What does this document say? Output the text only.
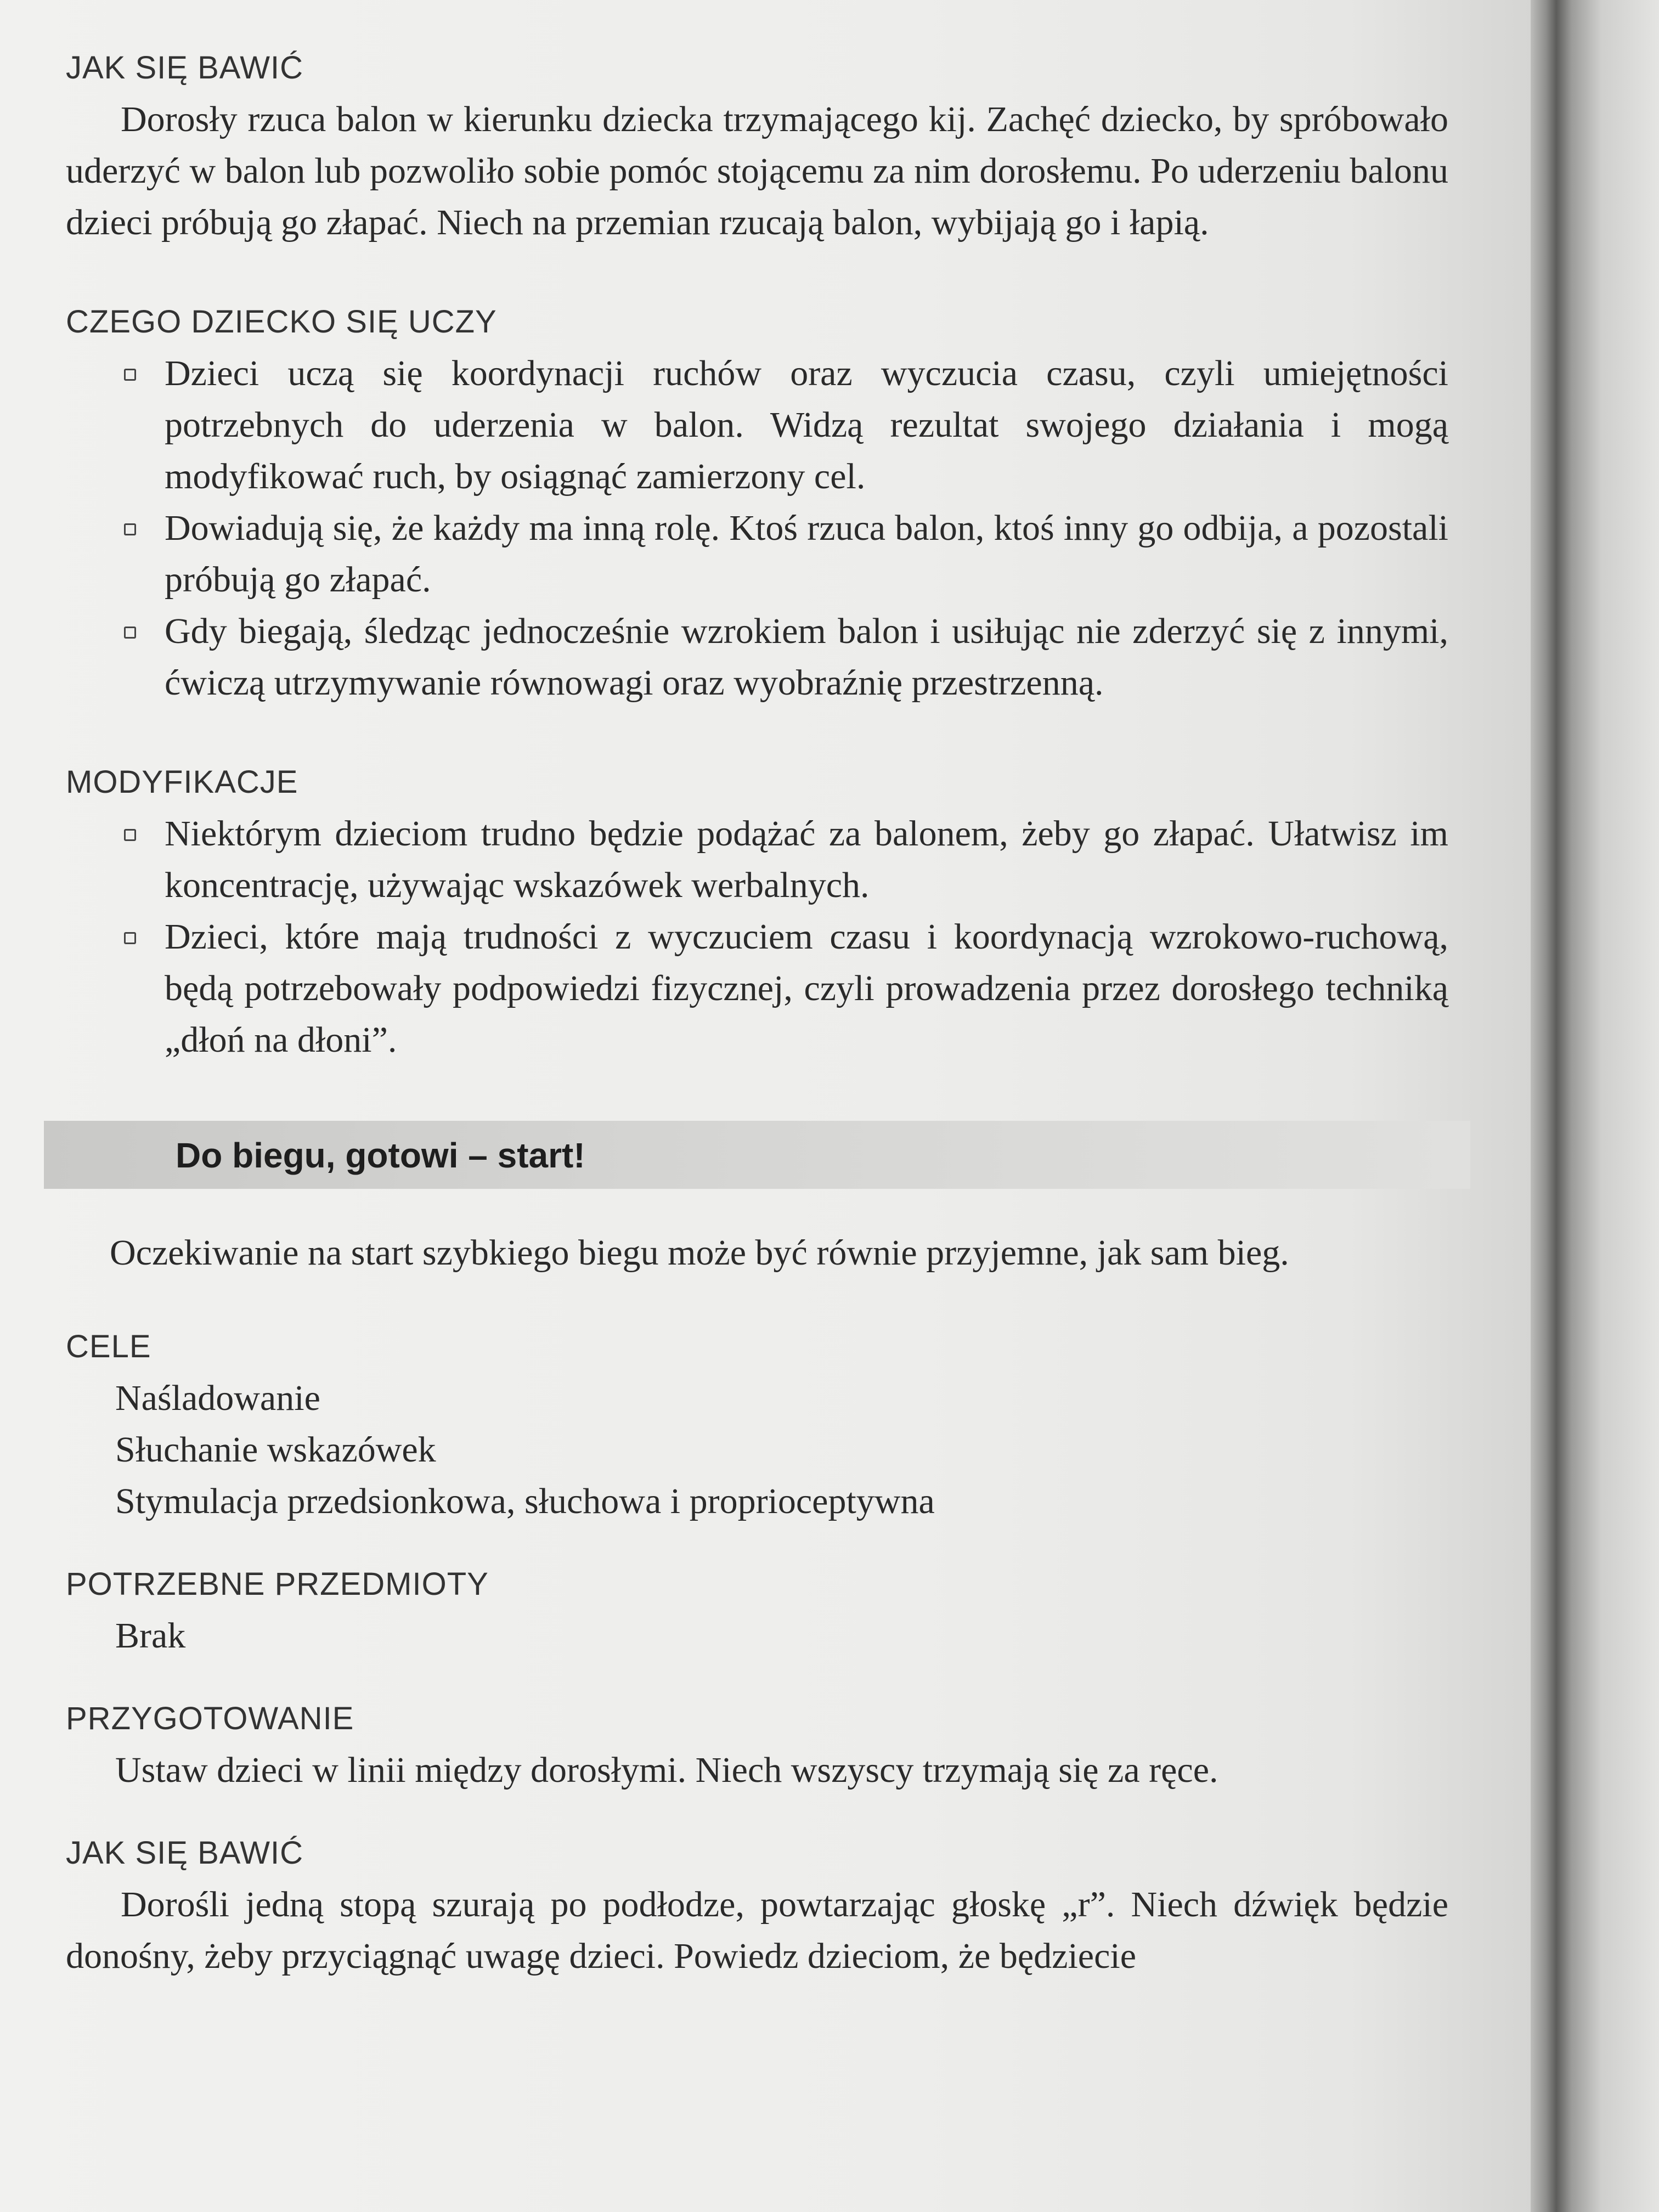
JAK SIĘ BAWIĆ

Dorosły rzuca balon w kierunku dziecka trzymającego kij. Zachęć dziecko, by spróbowało uderzyć w balon lub pozwoliło sobie pomóc stojącemu za nim dorosłemu. Po uderzeniu balonu dzieci próbują go złapać. Niech na przemian rzucają balon, wybijają go i łapią.

CZEGO DZIECKO SIĘ UCZY
Dzieci uczą się koordynacji ruchów oraz wyczucia czasu, czyli umiejętności potrzebnych do uderzenia w balon. Widzą rezultat swojego działania i mogą modyfikować ruch, by osiągnąć zamierzony cel.
Dowiadują się, że każdy ma inną rolę. Ktoś rzuca balon, ktoś inny go odbija, a pozostali próbują go złapać.
Gdy biegają, śledząc jednocześnie wzrokiem balon i usiłując nie zderzyć się z innymi, ćwiczą utrzymywanie równowagi oraz wyobraźnię przestrzenną.
MODYFIKACJE
Niektórym dzieciom trudno będzie podążać za balonem, żeby go złapać. Ułatwisz im koncentrację, używając wskazówek werbalnych.
Dzieci, które mają trudności z wyczuciem czasu i koordynacją wzrokowo-ruchową, będą potrzebowały podpowiedzi fizycznej, czyli prowadzenia przez dorosłego techniką „dłoń na dłoni”.
Do biegu, gotowi – start!
Oczekiwanie na start szybkiego biegu może być równie przyjemne, jak sam bieg.
CELE
Naśladowanie
Słuchanie wskazówek
Stymulacja przedsionkowa, słuchowa i proprioceptywna
POTRZEBNE PRZEDMIOTY
Brak
PRZYGOTOWANIE
Ustaw dzieci w linii między dorosłymi. Niech wszyscy trzymają się za ręce.
JAK SIĘ BAWIĆ

Dorośli jedną stopą szurają po podłodze, powtarzając głoskę „r”. Niech dźwięk będzie donośny, żeby przyciągnąć uwagę dzieci. Powiedz dzieciom, że będziecie
